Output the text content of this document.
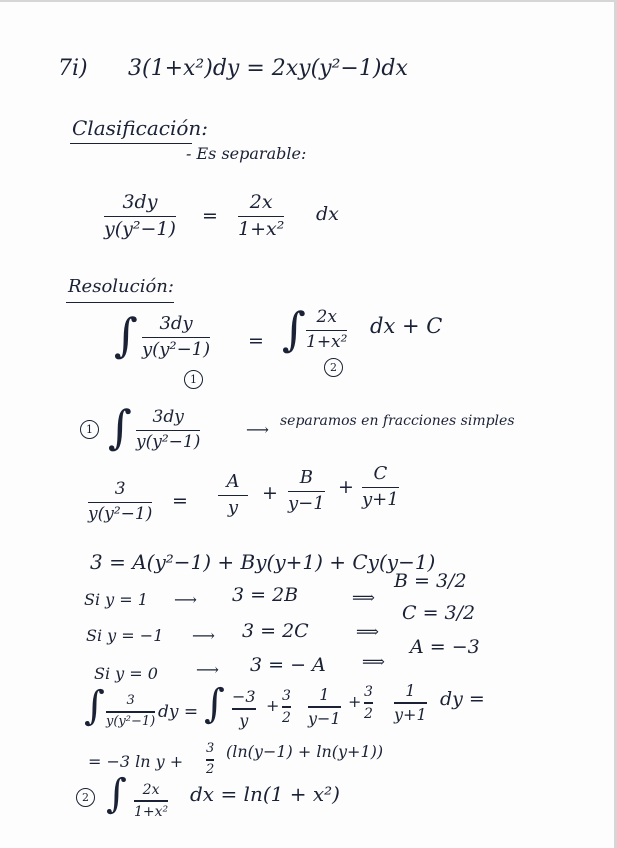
7i) 3(1+x²)dy = 2xy(y²−1)dx
Clasificación:
- Es separable:
3dy
y(y²−1)
=
2x
1+x²
dx
Resolución:
∫ 3dy
y(y²−1)
1
= ∫ 2x
1+x²
2
dx + C
1 ∫ 3dy
y(y²−1)
⟶ separamos en fracciones simples
3
y(y²−1)
=
A
y
+
B
y−1
+
C
y+1
3 = A(y²−1) + By(y+1) + Cy(y−1)
Si y = 1 ⟶ 3 = 2B	⟹
B = 3/2
Si y = −1 ⟶ 3 = 2C	⟹
C = 3/2
Si y = 0 ⟶ 3 = − A ⟹
A = −3
∫ 3
y(y²−1) dy = ∫ −3
y
+ 3
2
1
y−1
+ 3
2
1
y+1
dy =
= −3 ln y +
3
2
(ln(y−1) + ln(y+1))
2 ∫ 2x
1+x²
dx = ln(1 + x²)
